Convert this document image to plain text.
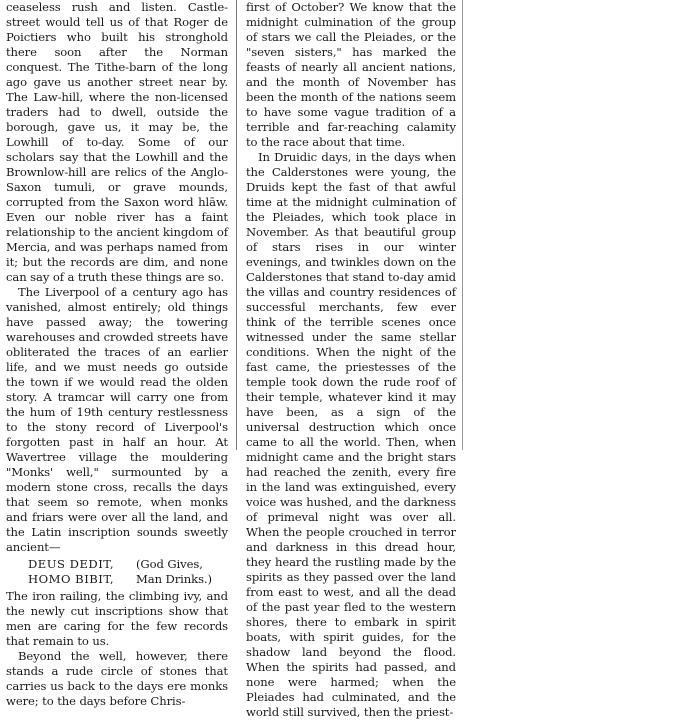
ceaseless rush and listen. Castle-street would tell us of that Roger de Poictiers who built his stronghold there soon after the Norman conquest. The Tithe-barn of the long ago gave us another street near by. The Law-hill, where the non-licensed traders had to dwell, outside the borough, gave us, it may be, the Lowhill of to-day. Some of our scholars say that the Lowhill and the Brownlow-hill are relics of the Anglo-Saxon tumuli, or grave mounds, corrupted from the Saxon word hlāw. Even our noble river has a faint relationship to the ancient kingdom of Mercia, and was perhaps named from it; but the records are dim, and none can say of a truth these things are so.

The Liverpool of a century ago has vanished, almost entirely; old things have passed away; the towering warehouses and crowded streets have obliterated the traces of an earlier life, and we must needs go outside the town if we would read the olden story. A tramcar will carry one from the hum of 19th century restlessness to the stony record of Liverpool's forgotten past in half an hour. At Wavertree village the mouldering "Monks' well," surmounted by a modern stone cross, recalls the days that seem so remote, when monks and friars were over all the land, and the Latin inscription sounds sweetly ancient—

DEUS DEDIT,	(God Gives,
HOMO BIBIT,	Man Drinks.)

The iron railing, the climbing ivy, and the newly cut inscriptions show that men are caring for the few records that remain to us.

Beyond the well, however, there stands a rude circle of stones that carries us back to the days ere monks were; to the days before Chris-

first of October? We know that the midnight culmination of the group of stars we call the Pleiades, or the "seven sisters," has marked the feasts of nearly all ancient nations, and the month of November has been the month of the nations seem to have some vague tradition of a terrible and far-reaching calamity to the race about that time.

In Druidic days, in the days when the Calderstones were young, the Druids kept the fast of that awful time at the midnight culmination of the Pleiades, which took place in November. As that beautiful group of stars rises in our winter evenings, and twinkles down on the Calderstones that stand to-day amid the villas and country residences of successful merchants, few ever think of the terrible scenes once witnessed under the same stellar conditions. When the night of the fast came, the priestesses of the temple took down the rude roof of their temple, whatever kind it may have been, as a sign of the universal destruction which once came to all the world. Then, when midnight came and the bright stars had reached the zenith, every fire in the land was extinguished, every voice was hushed, and the darkness of primeval night was over all. When the people crouched in terror and darkness in this dread hour, they heard the rustling made by the spirits as they passed over the land from east to west, and all the dead of the past year fled to the western shores, there to embark in spirit boats, with spirit guides, for the shadow land beyond the flood. When the spirits had passed, and none were harmed; when the Pleiades had culminated, and the world still survived, then the priest-
